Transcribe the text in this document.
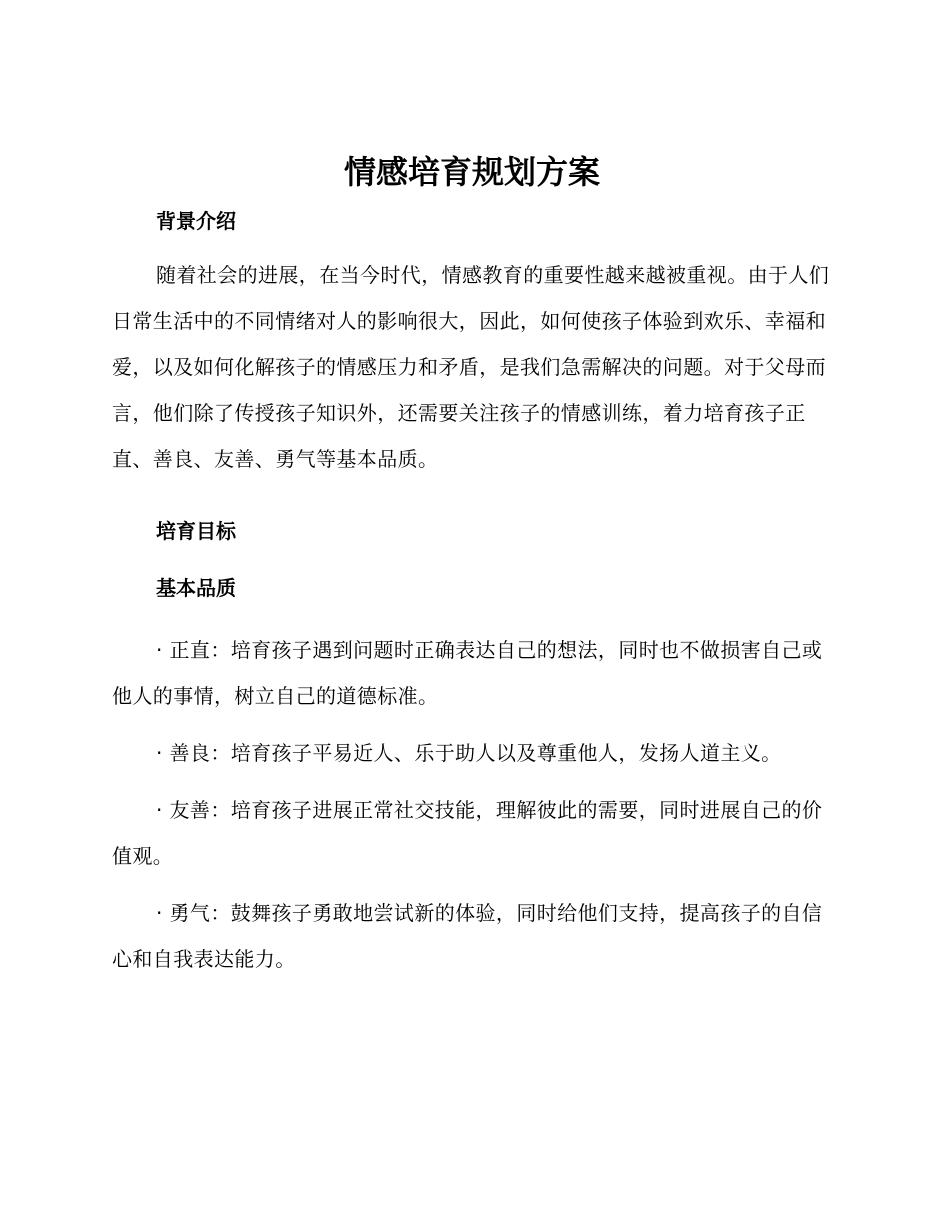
情感培育规划方案

背景介绍

随着社会的进展，在当今时代，情感教育的重要性越来越被重视。由于人们日常生活中的不同情绪对人的影响很大，因此，如何使孩子体验到欢乐、幸福和爱，以及如何化解孩子的情感压力和矛盾，是我们急需解决的问题。对于父母而言，他们除了传授孩子知识外，还需要关注孩子的情感训练，着力培育孩子正直、善良、友善、勇气等基本品质。

培育目标

基本品质

· 正直：培育孩子遇到问题时正确表达自己的想法，同时也不做损害自己或他人的事情，树立自己的道德标准。

· 善良：培育孩子平易近人、乐于助人以及尊重他人，发扬人道主义。

· 友善：培育孩子进展正常社交技能，理解彼此的需要，同时进展自己的价值观。

· 勇气：鼓舞孩子勇敢地尝试新的体验，同时给他们支持，提高孩子的自信心和自我表达能力。
